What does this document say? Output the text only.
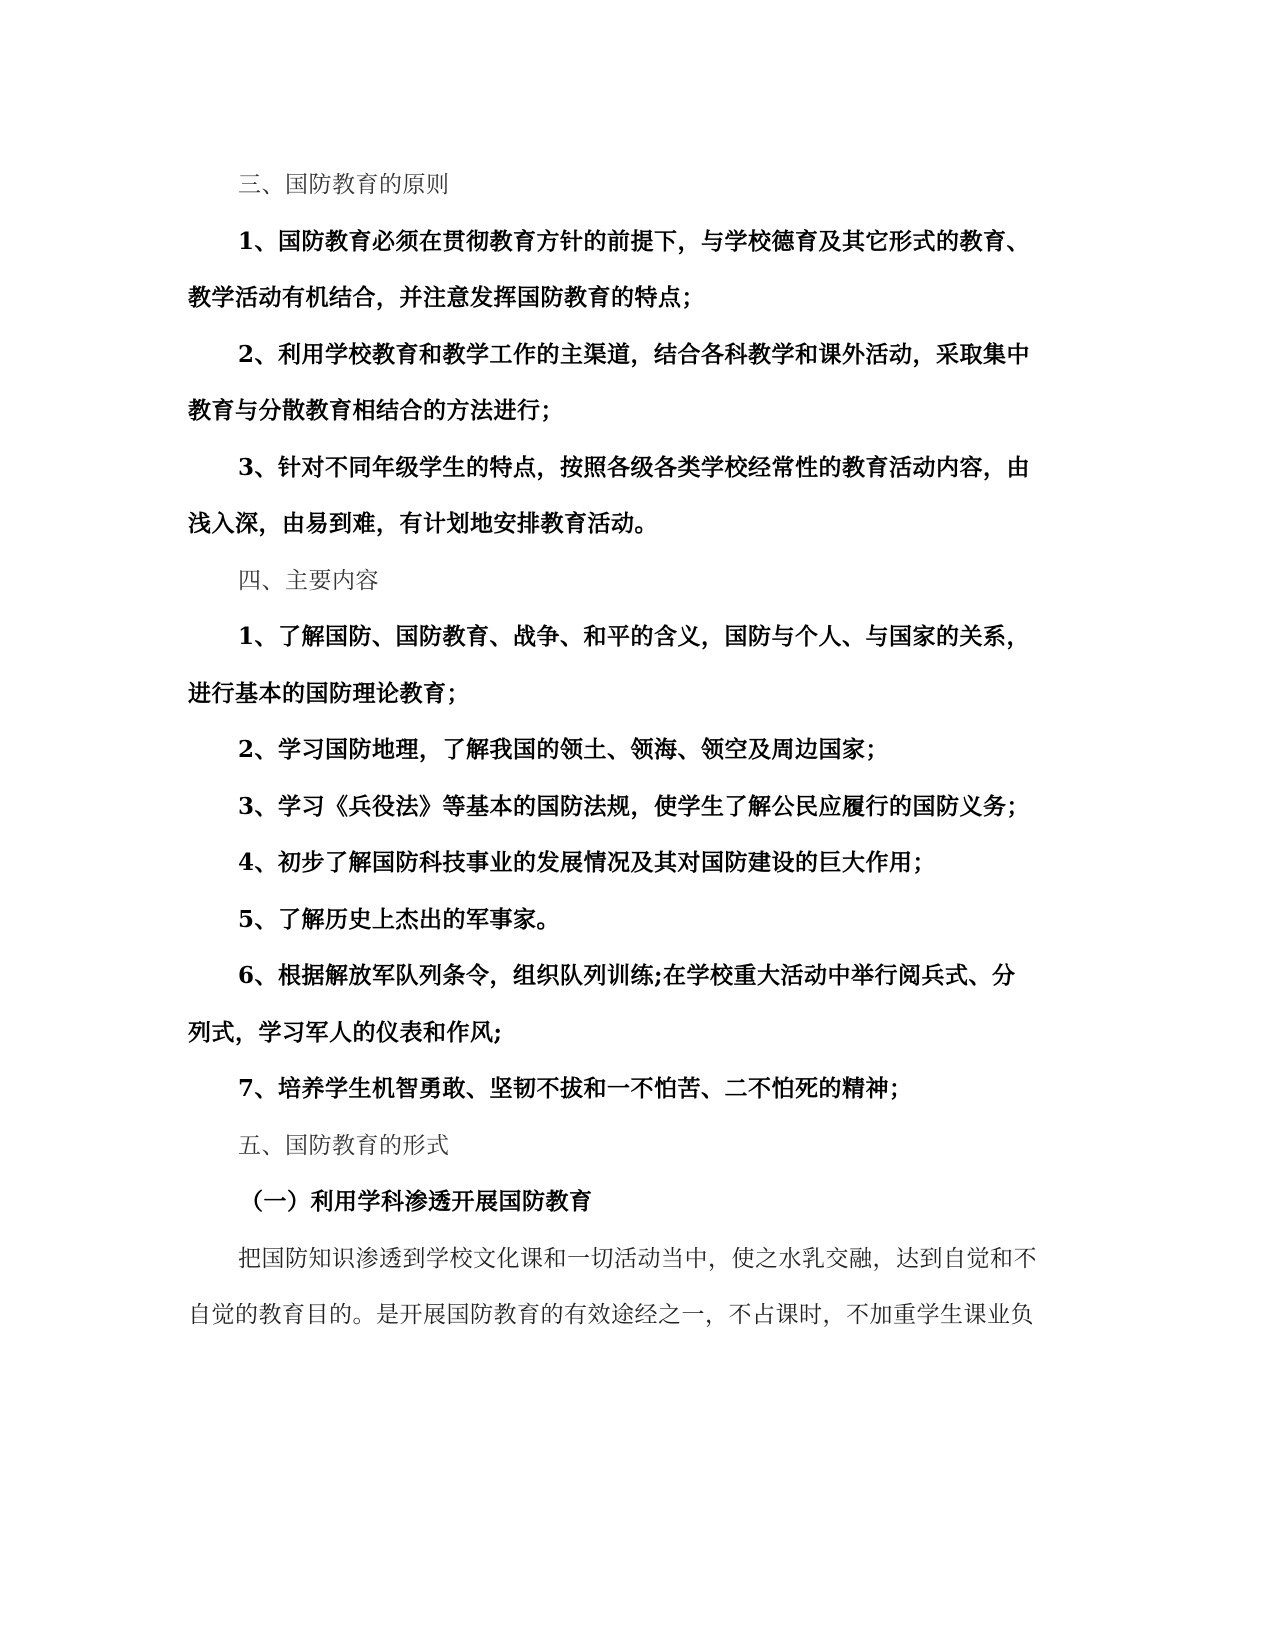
三、国防教育的原则
1、国防教育必须在贯彻教育方针的前提下，与学校德育及其它形式的教育、
教学活动有机结合，并注意发挥国防教育的特点；
2、利用学校教育和教学工作的主渠道，结合各科教学和课外活动，采取集中
教育与分散教育相结合的方法进行；
3、针对不同年级学生的特点，按照各级各类学校经常性的教育活动内容，由
浅入深，由易到难，有计划地安排教育活动。
四、主要内容
1、了解国防、国防教育、战争、和平的含义，国防与个人、与国家的关系，
进行基本的国防理论教育；
2、学习国防地理，了解我国的领土、领海、领空及周边国家；
3、学习《兵役法》等基本的国防法规，使学生了解公民应履行的国防义务；
4、初步了解国防科技事业的发展情况及其对国防建设的巨大作用；
5、了解历史上杰出的军事家。
6、根据解放军队列条令，组织队列训练;在学校重大活动中举行阅兵式、分
列式，学习军人的仪表和作风;
7、培养学生机智勇敢、坚韧不拔和一不怕苦、二不怕死的精神；
五、国防教育的形式
（一）利用学科渗透开展国防教育
把国防知识渗透到学校文化课和一切活动当中，使之水乳交融，达到自觉和不
自觉的教育目的。是开展国防教育的有效途经之一，不占课时，不加重学生课业负
